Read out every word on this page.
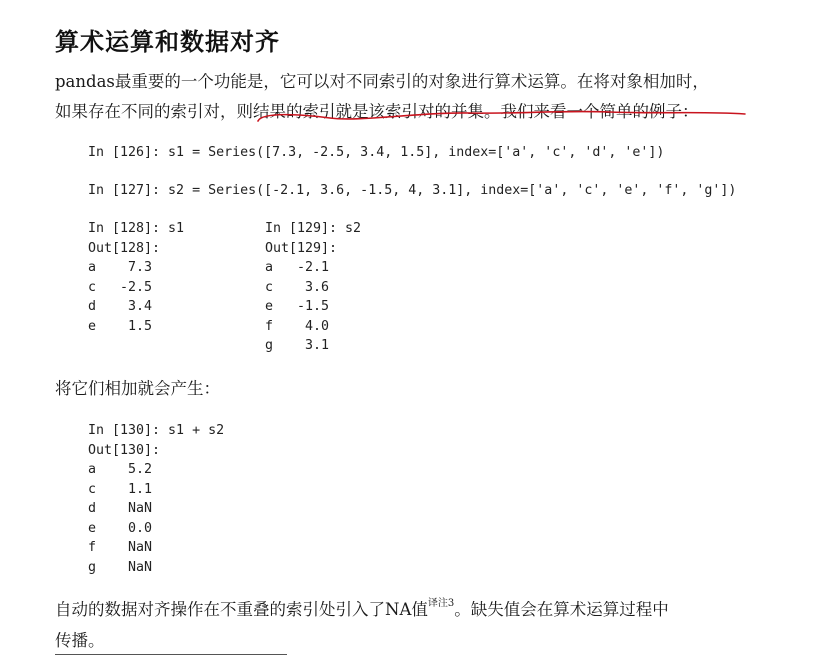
算术运算和数据对齐
pandas最重要的一个功能是，它可以对不同索引的对象进行算术运算。在将对象相加时，
如果存在不同的索引对，则结果的索引就是该索引对的并集。我们来看一个简单的例子：
In [126]: s1 = Series([7.3, -2.5, 3.4, 1.5], index=['a', 'c', 'd', 'e'])
In [127]: s2 = Series([-2.1, 3.6, -1.5, 4, 3.1], index=['a', 'c', 'e', 'f', 'g'])
In [128]: s1
Out[128]:
a    7.3
c   -2.5
d    3.4
e    1.5
In [129]: s2
Out[129]:
a   -2.1
c    3.6
e   -1.5
f    4.0
g    3.1
将它们相加就会产生：
In [130]: s1 + s2
Out[130]:
a    5.2
c    1.1
d    NaN
e    0.0
f    NaN
g    NaN
自动的数据对齐操作在不重叠的索引处引入了NA值$^{译注3}$。缺失值会在算术运算过程中
传播。
